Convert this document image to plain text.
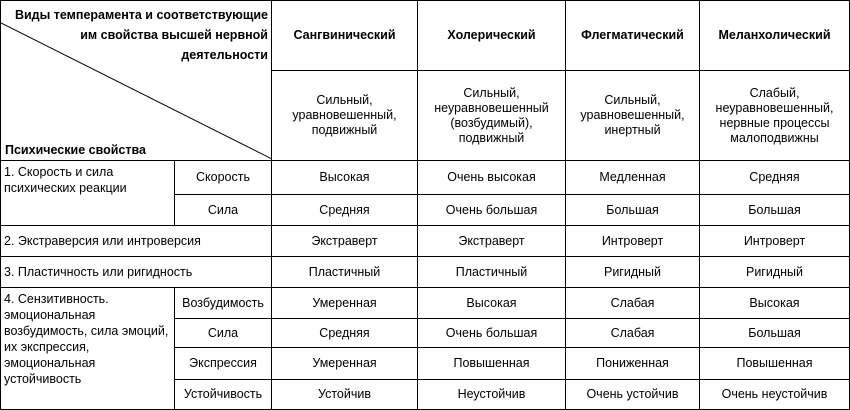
Виды темперамента и соответствующие им свойства высшей нервной деятельности
Психические свойства		Сангвинический	Холерический	Флегматический	Меланхолический
		Сильный, уравновешенный, подвижный	Сильный, неуравновешенный (возбудимый), подвижный	Сильный, уравновешенный, инертный	Слабый, неуравновешенный, нервные процессы малоподвижны
1. Скорость и сила психических реакции	Скорость	Высокая	Очень высокая	Медленная	Средняя
	Сила	Средняя	Очень большая	Большая	Большая
2. Экстраверсия или интроверсия		Экстраверт	Экстраверт	Интроверт	Интроверт
3. Пластичность или ригидность		Пластичный	Пластичный	Ригидный	Ригидный
4. Сензитивность. эмоциональная возбудимость, сила эмоций, их экспрессия, эмоциональная устойчивость	Возбудимость	Умеренная	Высокая	Слабая	Высокая
	Сила	Средняя	Очень большая	Слабая	Большая
	Экспрессия	Умеренная	Повышенная	Пониженная	Повышенная
	Устойчивость	Устойчив	Неустойчив	Очень устойчив	Очень неустойчив
